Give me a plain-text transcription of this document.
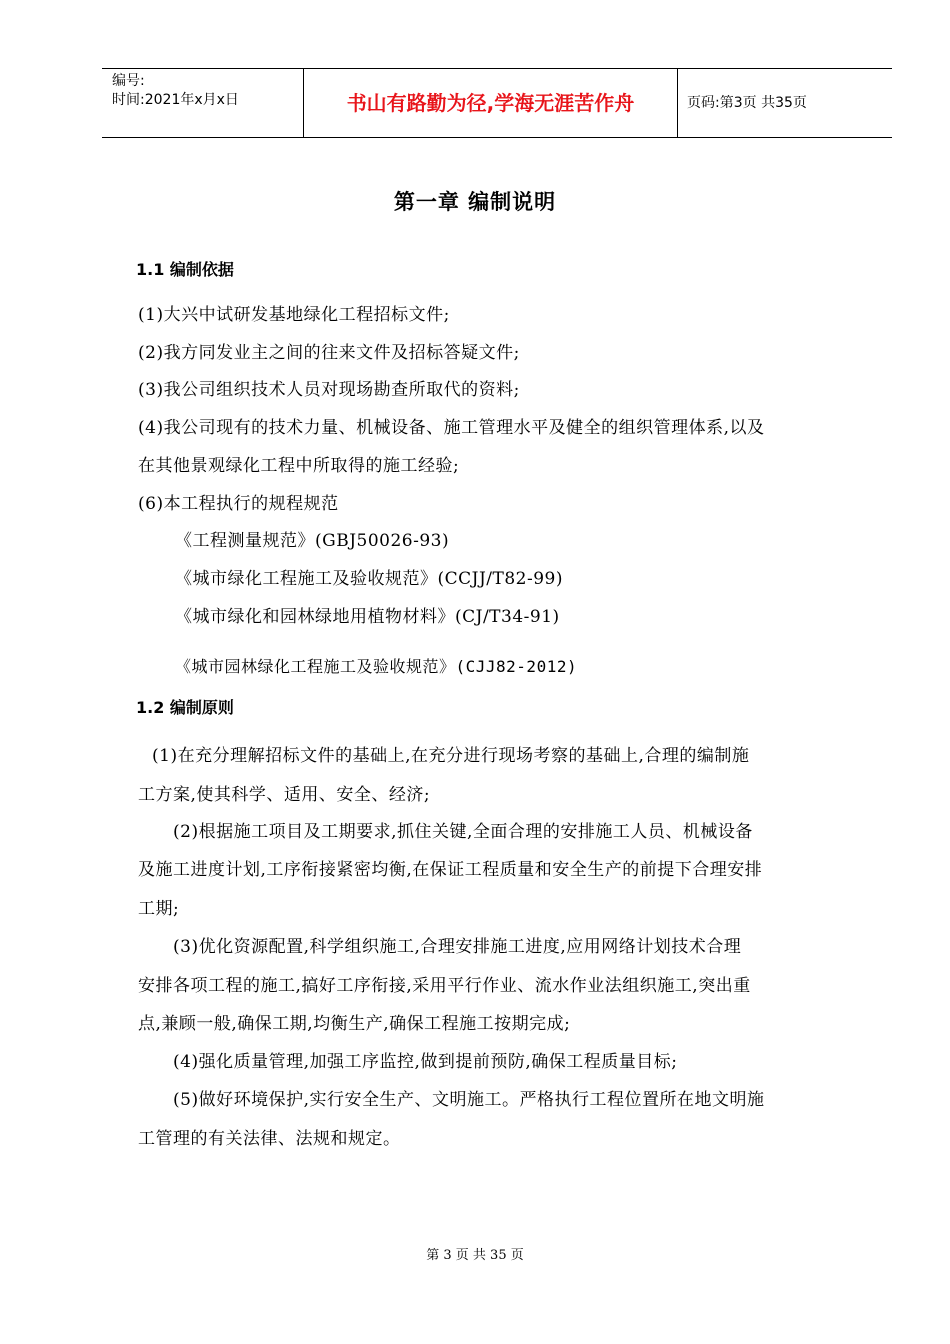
编号:
时间:2021年x月x日	书山有路勤为径,学海无涯苦作舟	页码:第3页 共35页
第一章 编制说明
1.1 编制依据
(1)大兴中试研发基地绿化工程招标文件;
(2)我方同发业主之间的往来文件及招标答疑文件;
(3)我公司组织技术人员对现场勘查所取代的资料;
(4)我公司现有的技术力量、机械设备、施工管理水平及健全的组织管理体系,以及
在其他景观绿化工程中所取得的施工经验;
(6)本工程执行的规程规范
《工程测量规范》(GBJ50026-93)
《城市绿化工程施工及验收规范》(CCJJ/T82-99)
《城市绿化和园林绿地用植物材料》(CJ/T34-91)
《城市园林绿化工程施工及验收规范》(CJJ82-2012)
1.2 编制原则
(1)在充分理解招标文件的基础上,在充分进行现场考察的基础上,合理的编制施
工方案,使其科学、适用、安全、经济;
(2)根据施工项目及工期要求,抓住关键,全面合理的安排施工人员、机械设备
及施工进度计划,工序衔接紧密均衡,在保证工程质量和安全生产的前提下合理安排
工期;
(3)优化资源配置,科学组织施工,合理安排施工进度,应用网络计划技术合理
安排各项工程的施工,搞好工序衔接,采用平行作业、流水作业法组织施工,突出重
点,兼顾一般,确保工期,均衡生产,确保工程施工按期完成;
(4)强化质量管理,加强工序监控,做到提前预防,确保工程质量目标;
(5)做好环境保护,实行安全生产、文明施工。严格执行工程位置所在地文明施
工管理的有关法律、法规和规定。
第 3 页 共 35 页
